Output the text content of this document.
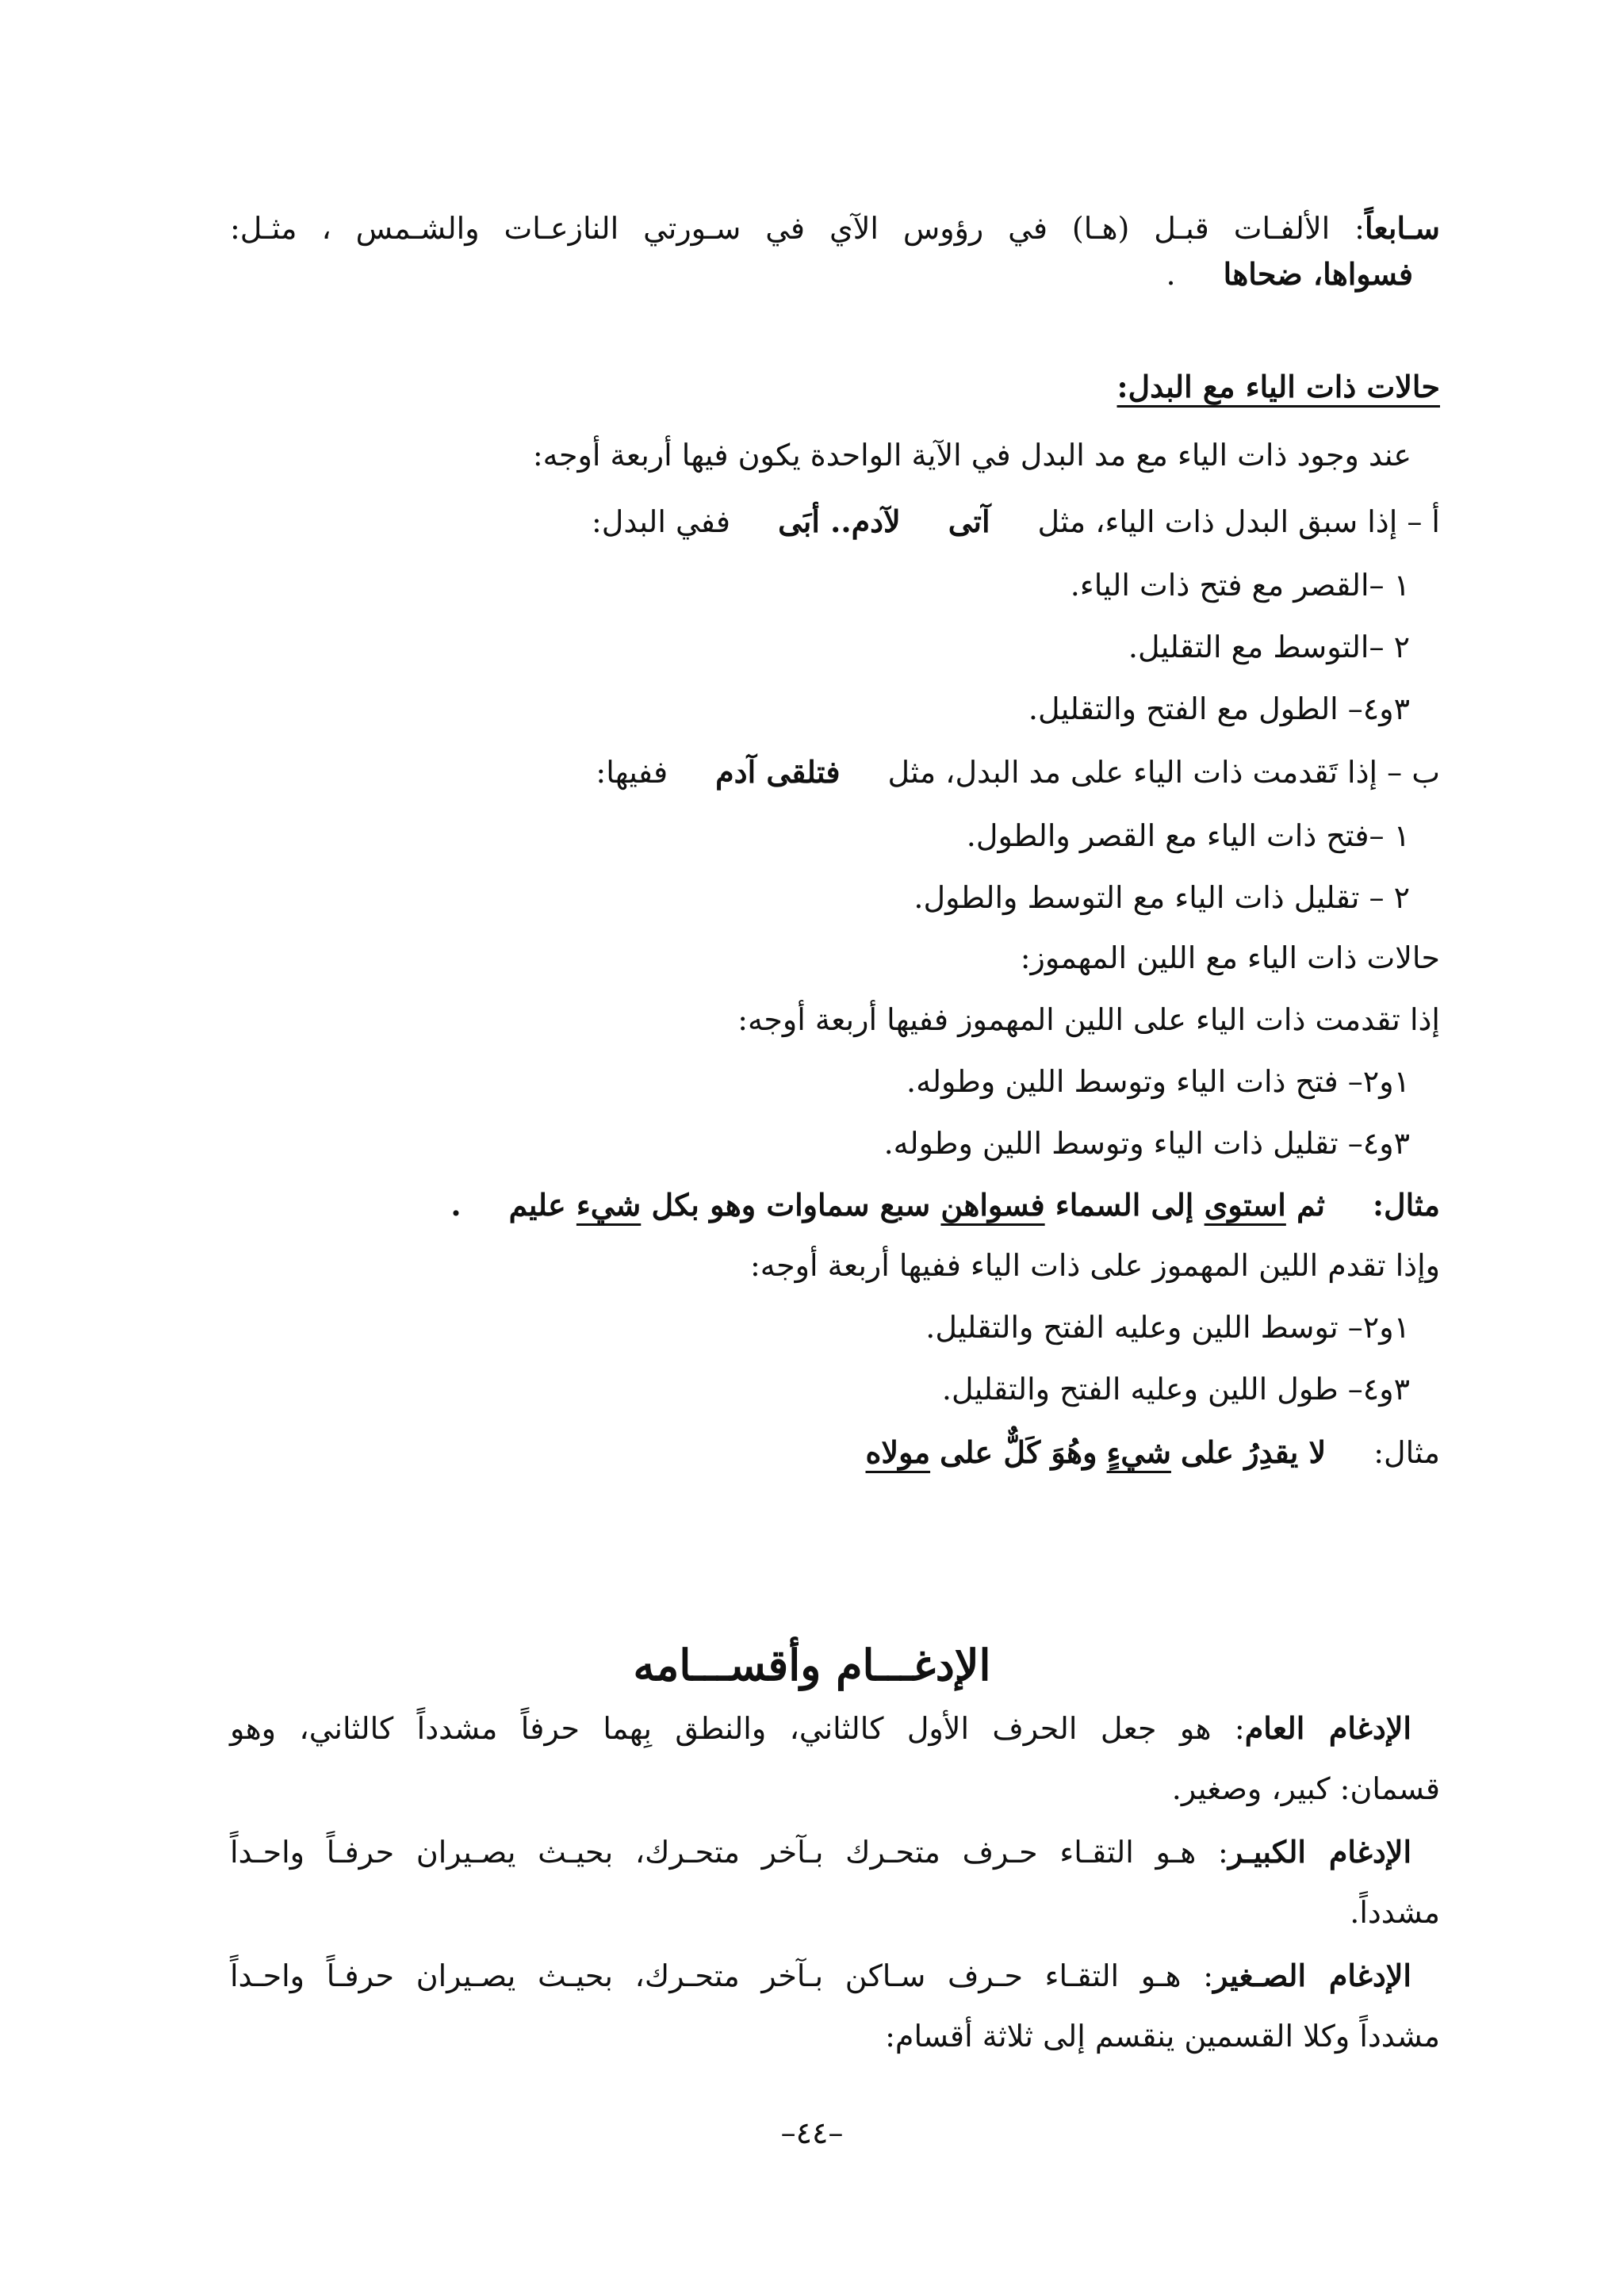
سـابعاً: الألفـات قبـل (هـا) في رؤوس الآي في سـورتي النازعـات والشـمس ، مثـل:
فسواها، ضحاها.
حالات ذات الياء مع البدل:
عند وجود ذات الياء مع مد البدل في الآية الواحدة يكون فيها أربعة أوجه:
أ – إذا سبق البدل ذات الياء، مثلآتىلآدم.. أبَىففي البدل:
١ –القصر مع فتح ذات الياء.
٢ –التوسط مع التقليل.
٣و٤– الطول مع الفتح والتقليل.
ب – إذا تَقدمت ذات الياء على مد البدل، مثلفتلقى آدمففيها:
١ –فتح ذات الياء مع القصر والطول.
٢ – تقليل ذات الياء مع التوسط والطول.
حالات ذات الياء مع اللين المهموز:
إذا تقدمت ذات الياء على اللين المهموز ففيها أربعة أوجه:
١و٢– فتح ذات الياء وتوسط اللين وطوله.
٣و٤– تقليل ذات الياء وتوسط اللين وطوله.
مثال:ثم استوى إلى السماء فسواهن سبع سماوات وهو بكل شيء عليم.
وإذا تقدم اللين المهموز على ذات الياء ففيها أربعة أوجه:
١و٢– توسط اللين وعليه الفتح والتقليل.
٣و٤– طول اللين وعليه الفتح والتقليل.
مثال:لا يقدِرُ على شيءٍ وهُوَ كَلٌّ على مولاه
الإدغـــام وأقســـامه
الإدغام العام: هو جعل الحرف الأول كالثاني، والنطق بِهما حرفاً مشدداً كالثاني، وهو
قسمان: كبير، وصغير.
الإدغام الكبيـر: هـو التقـاء حـرف متحـرك بـآخر متحـرك، بحيـث يصـيران حرفـاً واحـداً
مشدداً.
الإدغام الصـغير: هـو التقـاء حـرف سـاكن بـآخر متحـرك، بحيـث يصـيران حرفـاً واحـداً
مشدداً وكلا القسمين ينقسم إلى ثلاثة أقسام:
–٤٤–
